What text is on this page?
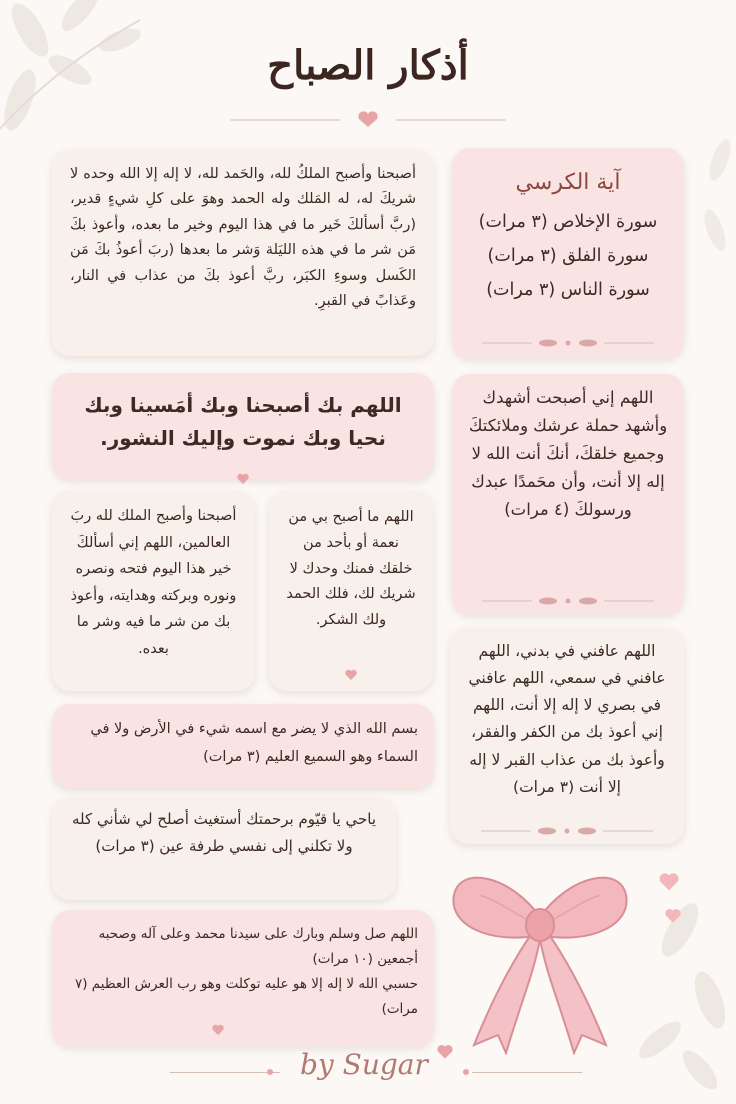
أذكار الصباح

أصبحنا وأصبح الملكُ لله، والحَمد لله، لا إله إلا الله وحده لا شريكَ له، له المَلك وله الحمد وهوَ على كلِ شيءٍ قدير، (ربَّ أسألكَ خَير ما في هذا اليوم وخير ما بعده، وأعوذ بكَ مَن شر ما في هذه الليَلة وَشر ما بعدها (ربَ أعوذُ بكَ مَن الكَسل وسوءِ الكبَر، ربَّ أعوذ بكَ من عذاب في النار، وعَذابً في القبرِ.

آية الكرسي
سورة الإخلاص (٣ مرات)
سورة الفلق (٣ مرات)
سورة الناس (٣ مرات)

اللهم بك أصبحنا وبك أمَسينا وبك نحيا وبك نموت وإليك النشور.

اللهم إني أصبحت أشهدك وأشهد حملة عرشك وملائكتكَ وجميع خلقكَ، أنكَ أنت الله لا إله إلا أنت، وأن محَمدًا عبدك ورسولكَ (٤ مرات)

أصبحنا وأصبح الملك لله ربَ العالمين، اللهم إني أسألكَ خير هذا اليوم فتحه ونصره ونوره وبركته وهدايته، وأعوذ بك من شر ما فيه وشر ما بعده.

اللهم ما أصبح بي من نعمة أو بأحد من خلقك فمنك وحدك لا شريك لك، فلك الحمد ولك الشكر.

اللهم عافني في بدني، اللهم عافني في سمعي، اللهم عافني في بصري لا إله إلا أنت، اللهم إني أعوذ بك من الكفر والفقر، وأعوذ بك من عذاب القبر لا إله إلا أنت (٣ مرات)

بسم الله الذي لا يضر مع اسمه شيء في الأرض ولا في السماء وهو السميع العليم (٣ مرات)

ياحي يا قيّوم برحمتك أستغيث أصلح لي شأني كله ولا تكلني إلى نفسي طرفة عين (٣ مرات)

اللهم صل وسلم وبارك على سيدنا محمد وعلى آله وصحبه أجمعين (١٠ مرات)

حسبي الله لا إله إلا هو عليه توكلت وهو رب العرش العظيم (٧ مرات)

by Sugar
